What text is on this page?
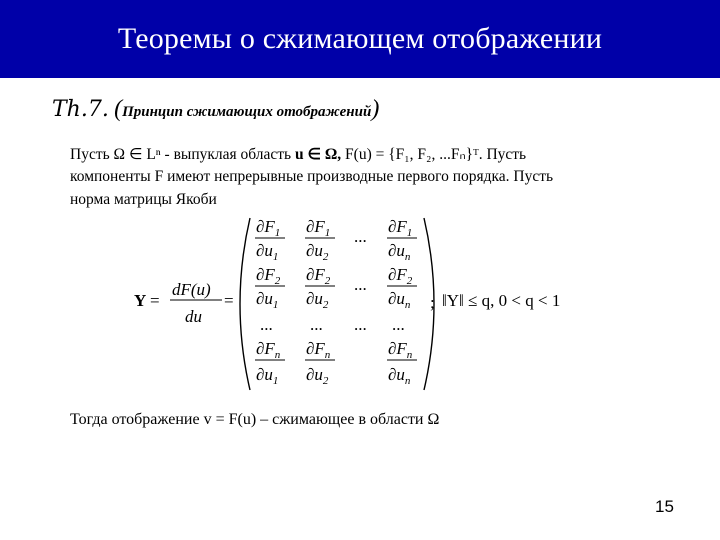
Теоремы о сжимающем отображении
Th.7. (Принцип сжимающих отображений)
Пусть Ω ∈ Lⁿ - выпуклая область u ∈ Ω, F(u) = {F₁, F₂, ...Fₙ}ᵀ. Пусть
компоненты F имеют непрерывные производные первого порядка. Пусть
норма матрицы Якоби
Y =
dF(u)
du
=
$\partial F_1$
$\partial u_1$
$\partial F_1$
$\partial u_2$
...
$\partial F_1$
$\partial u_n$
$\partial F_2$
$\partial u_1$
$\partial F_2$
$\partial u_2$
...
$\partial F_2$
$\partial u_n$
... ... ... ...
$\partial F_n$
$\partial u_1$
$\partial F_n$
$\partial u_2$
$\partial F_n$
$\partial u_n$
; ‖Y‖ ≤ q, 0 < q < 1
Тогда отображение v = F(u) – сжимающее в области Ω
15
